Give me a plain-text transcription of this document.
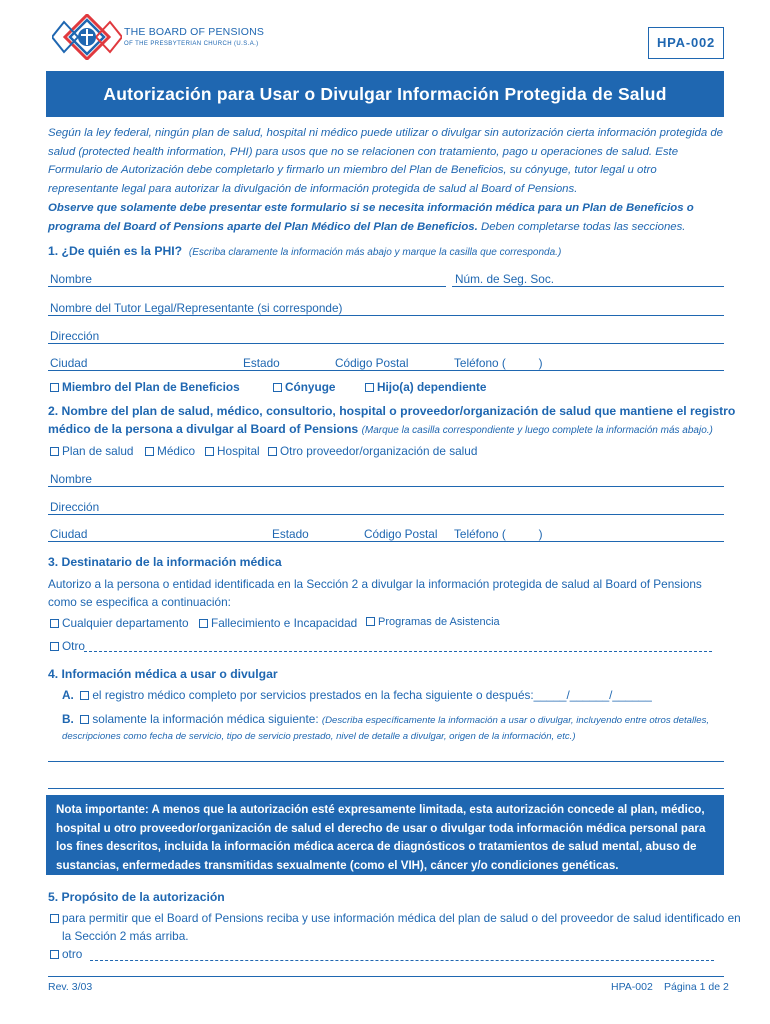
THE BOARD OF PENSIONS
OF THE PRESBYTERIAN CHURCH (U.S.A.)	HPA-002
Autorización para Usar o Divulgar Información Protegida de Salud
Según la ley federal, ningún plan de salud, hospital ni médico puede utilizar o divulgar sin autorización cierta información protegida de salud (protected health information, PHI) para usos que no se relacionen con tratamiento, pago u operaciones de salud. Este Formulario de Autorización debe completarlo y firmarlo un miembro del Plan de Beneficios, su cónyuge, tutor legal u otro representante legal para autorizar la divulgación de información protegida de salud al Board of Pensions.
Observe que solamente debe presentar este formulario si se necesita información médica para un Plan de Beneficios o programa del Board of Pensions aparte del Plan Médico del Plan de Beneficios. Deben completarse todas las secciones.
1. ¿De quién es la PHI? (Escriba claramente la información más abajo y marque la casilla que corresponda.)
Nombre	Núm. de Seg. Soc.
Nombre del Tutor Legal/Representante (si corresponde)
Dirección
Ciudad	Estado	Código Postal	Teléfono (          )
Miembro del Plan de Beneficios	Cónyuge	Hijo(a) dependiente
2. Nombre del plan de salud, médico, consultorio, hospital o proveedor/organización de salud que mantiene el registro
médico de la persona a divulgar al Board of Pensions (Marque la casilla correspondiente y luego complete la información más abajo.)
Plan de salud	Médico	Hospital	Otro proveedor/organización de salud
Nombre
Dirección
Ciudad	Estado	Código Postal Teléfono (          )
3. Destinatario de la información médica
Autorizo a la persona o entidad identificada en la Sección 2 a divulgar la información protegida de salud al Board of Pensions como se especifica a continuación:
Cualquier departamento	Fallecimiento e Incapacidad	Programas de Asistencia
Otro
4. Información médica a usar o divulgar
A. el registro médico completo por servicios prestados en la fecha siguiente o después:_____/______/______
B. solamente la información médica siguiente: (Describa específicamente la información a usar o divulgar, incluyendo entre otros detalles,
descripciones como fecha de servicio, tipo de servicio prestado, nivel de detalle a divulgar, origen de la información, etc.)
Nota importante: A menos que la autorización esté expresamente limitada, esta autorización concede al plan, médico, hospital u otro proveedor/organización de salud el derecho de usar o divulgar toda información médica personal para los fines descritos, incluida la información médica acerca de diagnósticos o tratamientos de salud mental, abuso de sustancias, enfermedades transmitidas sexualmente (como el VIH), cáncer y/o condiciones genéticas.
5. Propósito de la autorización
para permitir que el Board of Pensions reciba y use información médica del plan de salud o del proveedor de salud identificado en
la Sección 2 más arriba.
otro
Rev. 3/03	HPA-002 Página 1 de 2
